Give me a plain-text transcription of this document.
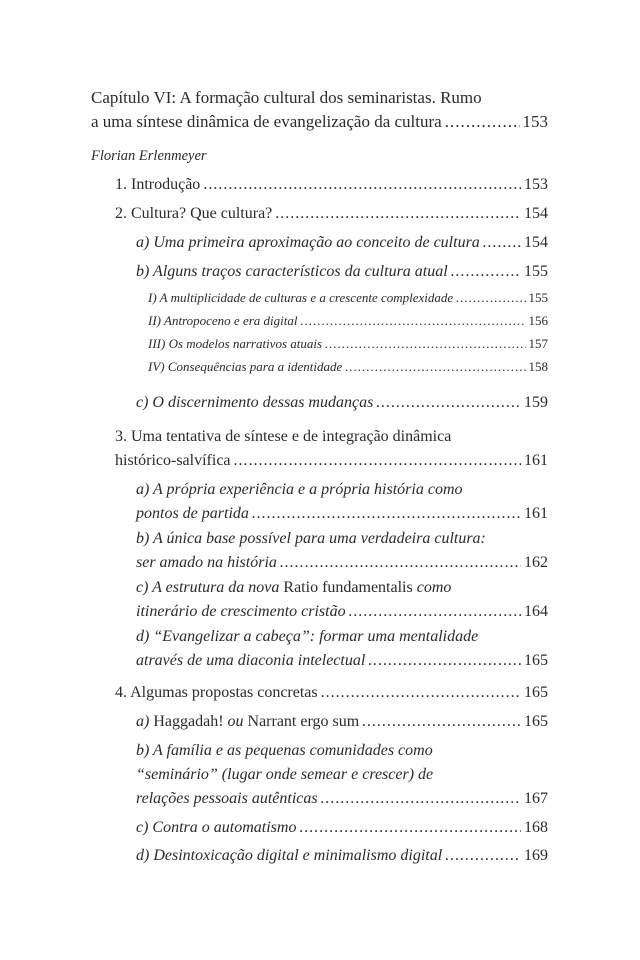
Capítulo VI: A formação cultural dos seminaristas. Rumo
a uma síntese dinâmica de evangelização da cultura .....	153
Florian Erlenmeyer
1. Introdução .....	153
2. Cultura? Que cultura? .....	154
a) Uma primeira aproximação ao conceito de cultura .....	154
b) Alguns traços característicos da cultura atual .....	155
I) A multiplicidade de culturas e a crescente complexidade .....	155
II) Antropoceno e era digital .....	156
III) Os modelos narrativos atuais .....	157
IV) Consequências para a identidade .....	158
c) O discernimento dessas mudanças .....	159
3. Uma tentativa de síntese e de integração dinâmica
histórico-salvífica .....	161
a) A própria experiência e a própria história como
pontos de partida .....	161
b) A única base possível para uma verdadeira cultura:
ser amado na história .....	162
c) A estrutura da nova Ratio fundamentalis como
itinerário de crescimento cristão .....	164
d) “Evangelizar a cabeça”: formar uma mentalidade
através de uma diaconia intelectual .....	165
4. Algumas propostas concretas .....	165
a) Haggadah! ou Narrant ergo sum .....	165
b) A família e as pequenas comunidades como
“seminário” (lugar onde semear e crescer) de
relações pessoais autênticas .....	167
c) Contra o automatismo .....	168
d) Desintoxicação digital e minimalismo digital .....	169
